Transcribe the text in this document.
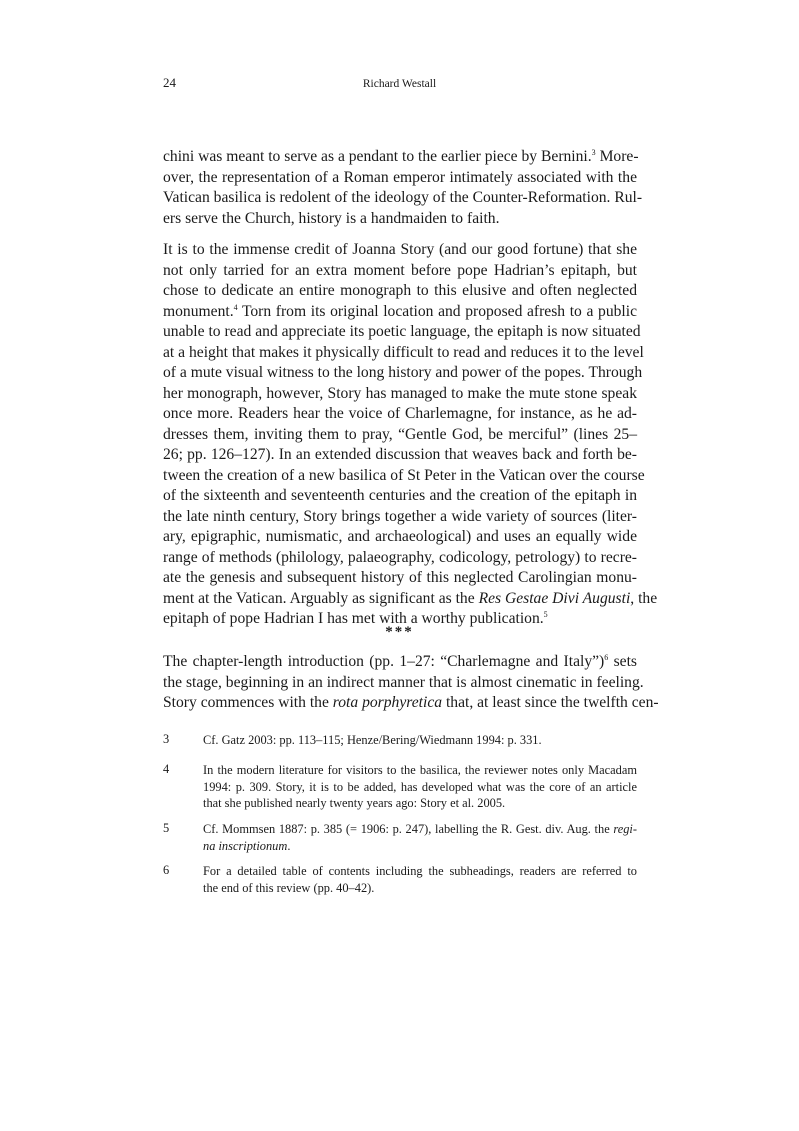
24	Richard Westall
chini was meant to serve as a pendant to the earlier piece by Bernini.$^3$ More-
over, the representation of a Roman emperor intimately associated with the
Vatican basilica is redolent of the ideology of the Counter-Reformation. Rul-
ers serve the Church, history is a handmaiden to faith.
It is to the immense credit of Joanna Story (and our good fortune) that she
not only tarried for an extra moment before pope Hadrian’s epitaph, but
chose to dedicate an entire monograph to this elusive and often neglected
monument.$^4$ Torn from its original location and proposed afresh to a public
unable to read and appreciate its poetic language, the epitaph is now situated
at a height that makes it physically difficult to read and reduces it to the level
of a mute visual witness to the long history and power of the popes. Through
her monograph, however, Story has managed to make the mute stone speak
once more. Readers hear the voice of Charlemagne, for instance, as he ad-
dresses them, inviting them to pray, “Gentle God, be merciful” (lines 25–
26; pp. 126–127). In an extended discussion that weaves back and forth be-
tween the creation of a new basilica of St Peter in the Vatican over the course
of the sixteenth and seventeenth centuries and the creation of the epitaph in
the late ninth century, Story brings together a wide variety of sources (liter-
ary, epigraphic, numismatic, and archaeological) and uses an equally wide
range of methods (philology, palaeography, codicology, petrology) to recre-
ate the genesis and subsequent history of this neglected Carolingian monu-
ment at the Vatican. Arguably as significant as the Res Gestae Divi Augusti, the
epitaph of pope Hadrian I has met with a worthy publication.$^5$
***
The chapter-length introduction (pp. 1–27: “Charlemagne and Italy”)$^6$ sets
the stage, beginning in an indirect manner that is almost cinematic in feeling.
Story commences with the rota porphyretica that, at least since the twelfth cen-
3	Cf. Gatz 2003: pp. 113–115; Henze/Bering/Wiedmann 1994: p. 331.
4	In the modern literature for visitors to the basilica, the reviewer notes only Macadam
1994: p. 309. Story, it is to be added, has developed what was the core of an article
that she published nearly twenty years ago: Story et al. 2005.
5	Cf. Mommsen 1887: p. 385 (= 1906: p. 247), labelling the R. Gest. div. Aug. the regi-
na inscriptionum.
6	For a detailed table of contents including the subheadings, readers are referred to
the end of this review (pp. 40–42).
